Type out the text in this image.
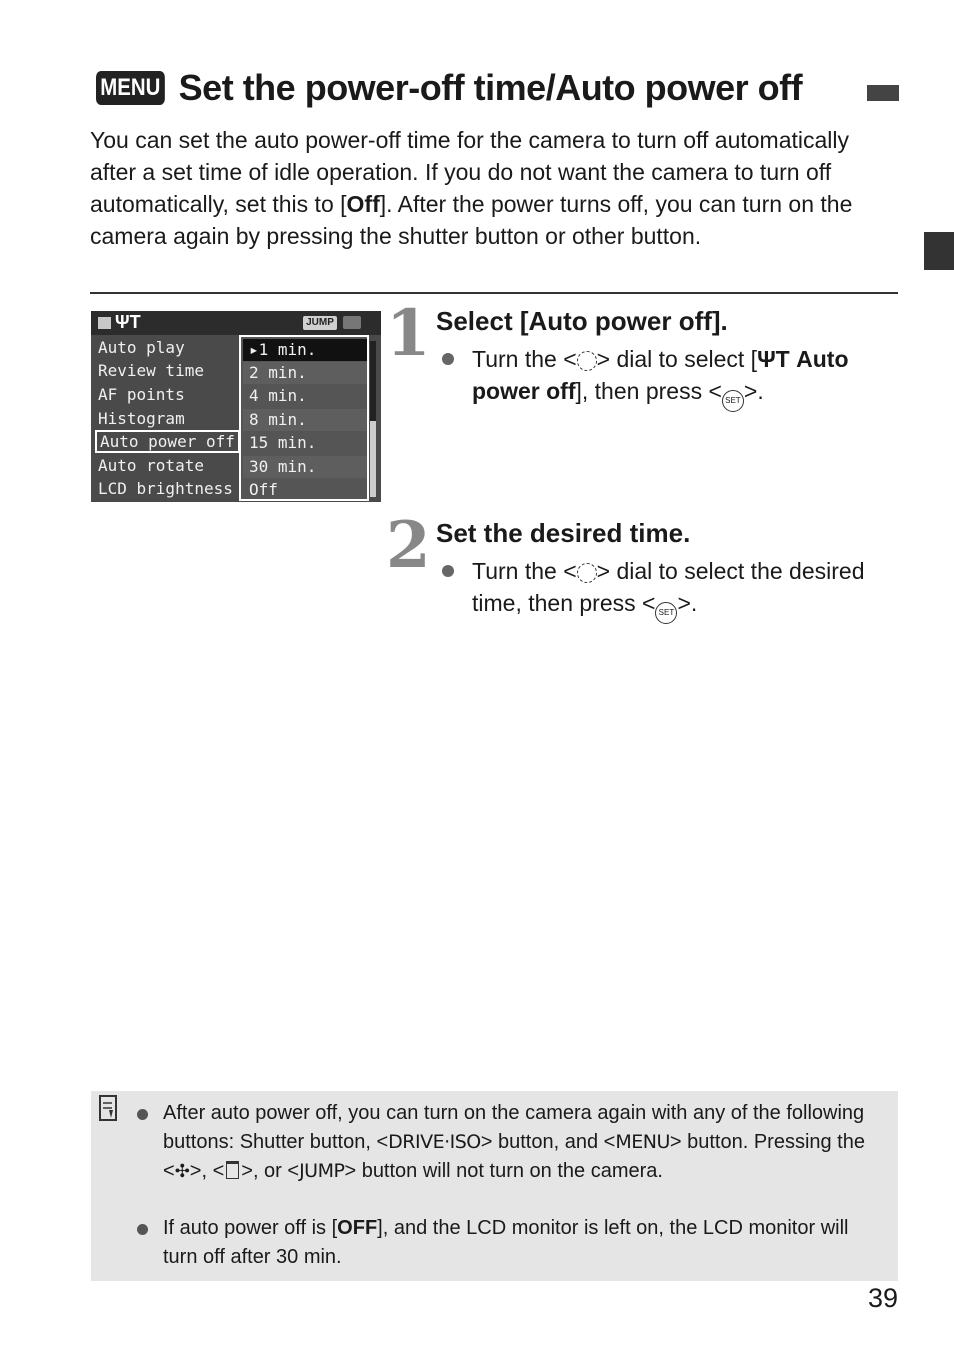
MENU Set the power-off time/Auto power off
You can set the auto power-off time for the camera to turn off automatically after a set time of idle operation. If you do not want the camera to turn off automatically, set this to [Off]. After the power turns off, you can turn on the camera again by pressing the shutter button or other button.
ΨΤ	JUMP
Auto play
Review time
AF points
Histogram
Auto power off
Auto rotate
LCD brightness
▸1 min.
2 min.
4 min.
8 min.
15 min.
30 min.
Off
1 Select [Auto power off].
Turn the < > dial to select [ΨΤ Auto power off], then press < SET >.
2 Set the desired time.
Turn the < > dial to select the desired time, then press < SET >.
After auto power off, you can turn on the camera again with any of the following buttons: Shutter button, <DRIVE·ISO> button, and <MENU> button. Pressing the <✣>, < >, or <JUMP> button will not turn on the camera.
If auto power off is [OFF], and the LCD monitor is left on, the LCD monitor will turn off after 30 min.
39
